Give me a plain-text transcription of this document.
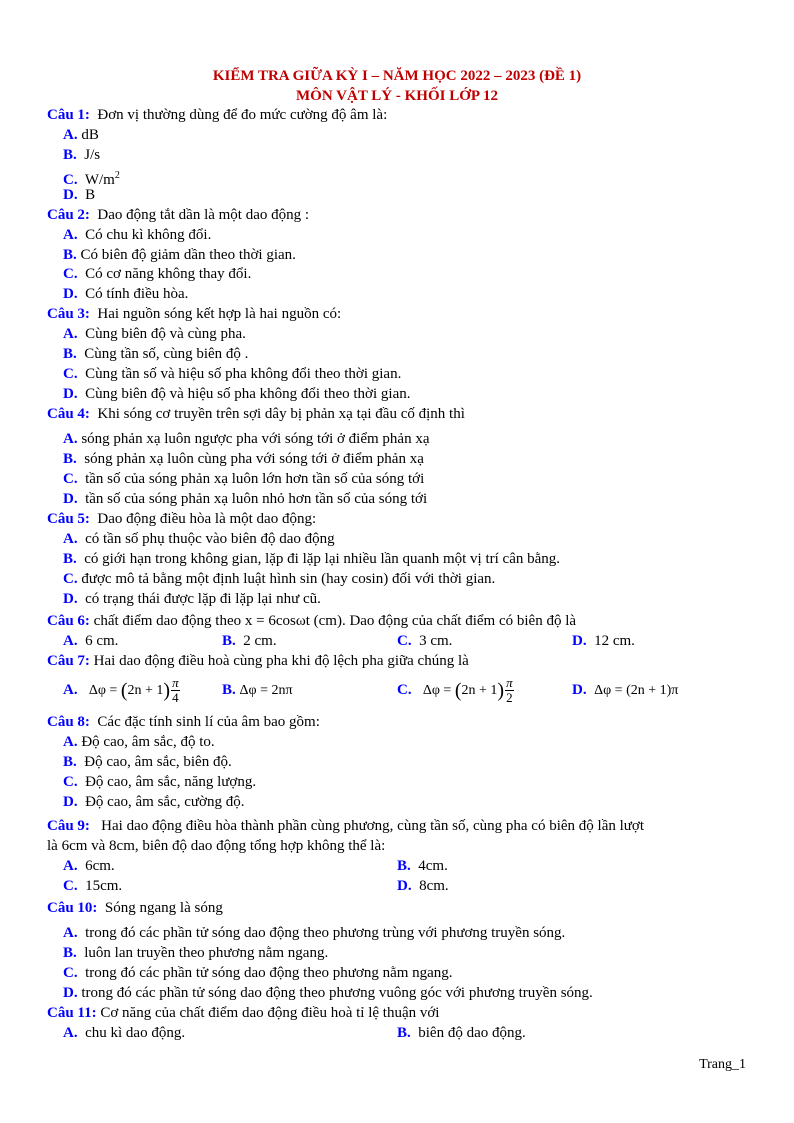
KIỂM TRA GIỮA KỲ I – NĂM HỌC 2022 – 2023 (ĐỀ 1)
MÔN VẬT LÝ - KHỐI LỚP 12
Câu 1: Đơn vị thường dùng để đo mức cường độ âm là:
A. dB
B. J/s
C. $W/m^2$
D. B
Câu 2: Dao động tắt dần là một dao động :
A. Có chu kì không đổi.
B. Có biên độ giảm dần theo thời gian.
C. Có cơ năng không thay đổi.
D. Có tính điều hòa.
Câu 3: Hai nguồn sóng kết hợp là hai nguồn có:
A. Cùng biên độ và cùng pha.
B. Cùng tần số, cùng biên độ .
C. Cùng tần số và hiệu số pha không đổi theo thời gian.
D. Cùng biên độ và hiệu số pha không đổi theo thời gian.
Câu 4: Khi sóng cơ truyền trên sợi dây bị phản xạ tại đầu cố định thì
A. sóng phản xạ luôn ngược pha với sóng tới ở điểm phản xạ
B. sóng phản xạ luôn cùng pha với sóng tới ở điểm phản xạ
C. tần số của sóng phản xạ luôn lớn hơn tần số của sóng tới
D. tần số của sóng phản xạ luôn nhỏ hơn tần số của sóng tới
Câu 5: Dao động điều hòa là một dao động:
A. có tần số phụ thuộc vào biên độ dao động
B. có giới hạn trong không gian, lặp đi lặp lại nhiều lần quanh một vị trí cân bằng.
C. được mô tả bằng một định luật hình sin (hay cosin) đối với thời gian.
D. có trạng thái được lặp đi lặp lại như cũ.
Câu 6: chất điểm dao động theo x = 6cosωt (cm). Dao động của chất điểm có biên độ là
A. 6 cm.	B. 2 cm.	C. 3 cm.	D. 12 cm.
Câu 7: Hai dao động điều hoà cùng pha khi độ lệch pha giữa chúng là
A. $\Delta\varphi = (2n + 1) \frac{\pi}{4}$	B. Δφ = 2nπ	C. $\Delta\varphi = (2n + 1) \frac{\pi}{2}$	D. Δφ = (2n + 1)π
Câu 8: Các đặc tính sinh lí của âm bao gồm:
A. Độ cao, âm sắc, độ to.
B. Độ cao, âm sắc, biên độ.
C. Độ cao, âm sắc, năng lượng.
D. Độ cao, âm sắc, cường độ.
Câu 9: Hai dao động điều hòa thành phần cùng phương, cùng tần số, cùng pha có biên độ lần lượt
là 6cm và 8cm, biên độ dao động tổng hợp không thể là:
A. 6cm.	B. 4cm.
C. 15cm.	D. 8cm.
Câu 10: Sóng ngang là sóng
A. trong đó các phần tử sóng dao động theo phương trùng với phương truyền sóng.
B. luôn lan truyền theo phương nằm ngang.
C. trong đó các phần tử sóng dao động theo phương nằm ngang.
D. trong đó các phần tử sóng dao động theo phương vuông góc với phương truyền sóng.
Câu 11: Cơ năng của chất điểm dao động điều hoà tỉ lệ thuận với
A. chu kì dao động.	B. biên độ dao động.
Trang_1
